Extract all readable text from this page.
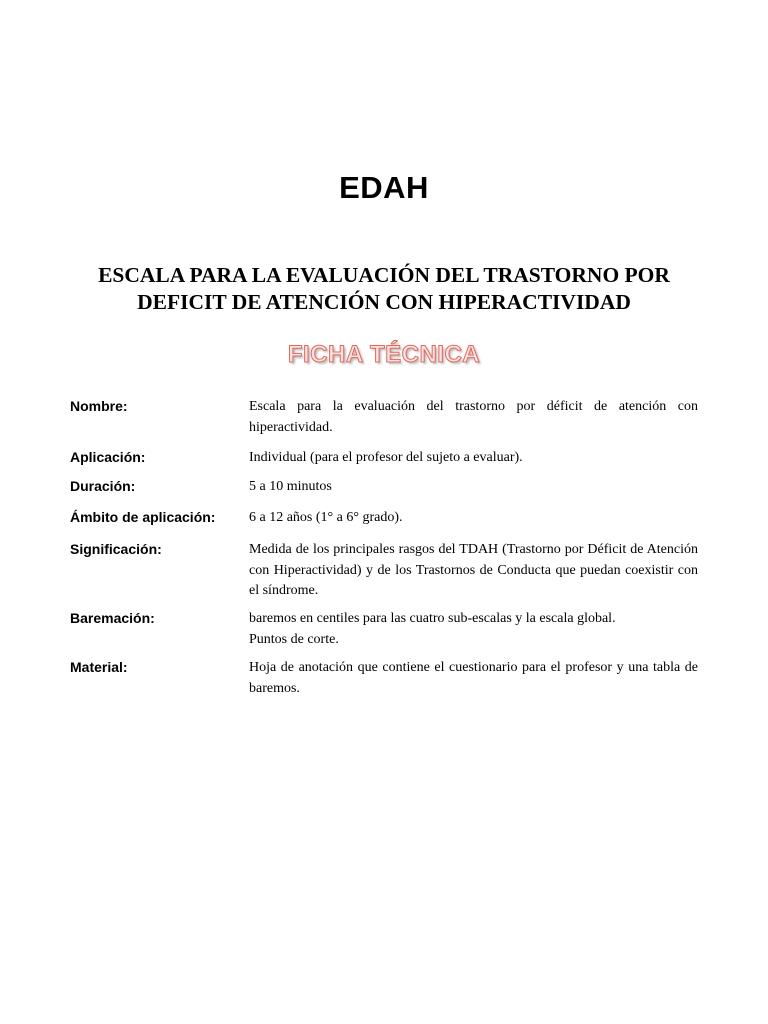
EDAH
ESCALA PARA LA EVALUACIÓN DEL TRASTORNO POR
DEFICIT DE ATENCIÓN CON HIPERACTIVIDAD
FICHA TÉCNICA
Nombre:	Escala para la evaluación del trastorno por déficit de atención con hiperactividad.
Aplicación:	Individual (para el profesor del sujeto a evaluar).
Duración:	5 a 10 minutos
Ámbito de aplicación:	6 a 12 años (1° a 6° grado).
Significación:	Medida de los principales rasgos del TDAH (Trastorno por Déficit de Atención con Hiperactividad) y de los Trastornos de Conducta que puedan coexistir con el síndrome.
Baremación:	baremos en centiles para las cuatro sub-escalas y la escala global.
Puntos de corte.
Material:	Hoja de anotación que contiene el cuestionario para el profesor y una tabla de baremos.
